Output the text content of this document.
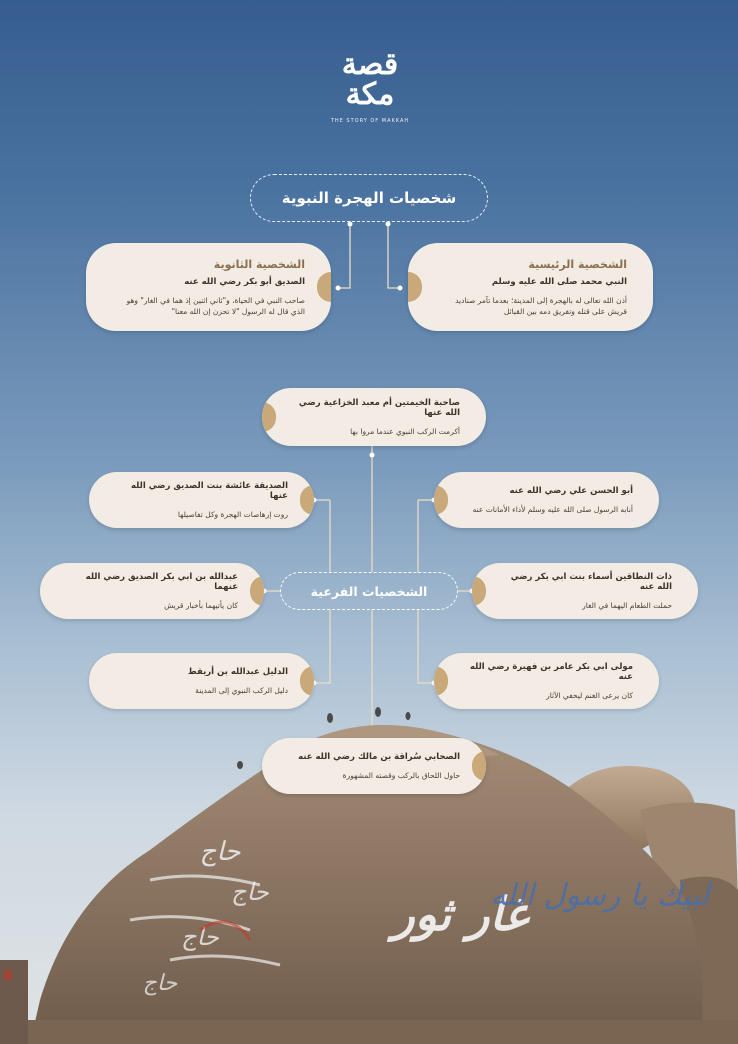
غار ثور
لبيك يا رسول الله
حاج
حاج
حاج
حاج
قصة
مكة
THE STORY OF MAKKAH
شخصيات الهجرة النبوية
الشخصية الرئيسية
النبي محمد صلى الله عليه وسلم
أذن الله تعالى له بالهجرة إلى المدينة؛ بعدما تآمر صناديد قريش على قتله وتفريق دمه بين القبائل
الشخصية الثانوية
الصديق أبو بكر رضي الله عنه
صاحب النبي في الحياة، و"ثاني اثنين إذ هما في الغار" وهو الذي قال له الرسول "لا تحزن إن الله معنا"
صاحبة الخيمتين أم معبد الخزاعية رضي الله عنها
أكرمت الركب النبوي عندما مروا بها
أبو الحسن علي رضي الله عنه
أنابه الرسول صلى الله عليه وسلم لأداء الأمانات عنه
الصديقة عائشة بنت الصديق رضي الله عنها
روت إرهاصات الهجرة وكل تفاصيلها
ذات النطاقين أسماء بنت ابي بكر رضي الله عنه
حملت الطعام اليهما في الغار
عبدالله بن ابي بكر الصديق رضي الله عنهما
كان يأتيهما بأخبار قريش
مولى ابي بكر عامر بن فهيرة رضي الله عنه
كان يرعى الغنم ليخفي الآثار
الدليل عبدالله بن أريقط
دليل الركب النبوي إلى المدينة
الصحابي سُراقة بن مالك رضي الله عنه
حاول اللحاق بالركب وقصته المشهورة
الشخصيات الفرعية
